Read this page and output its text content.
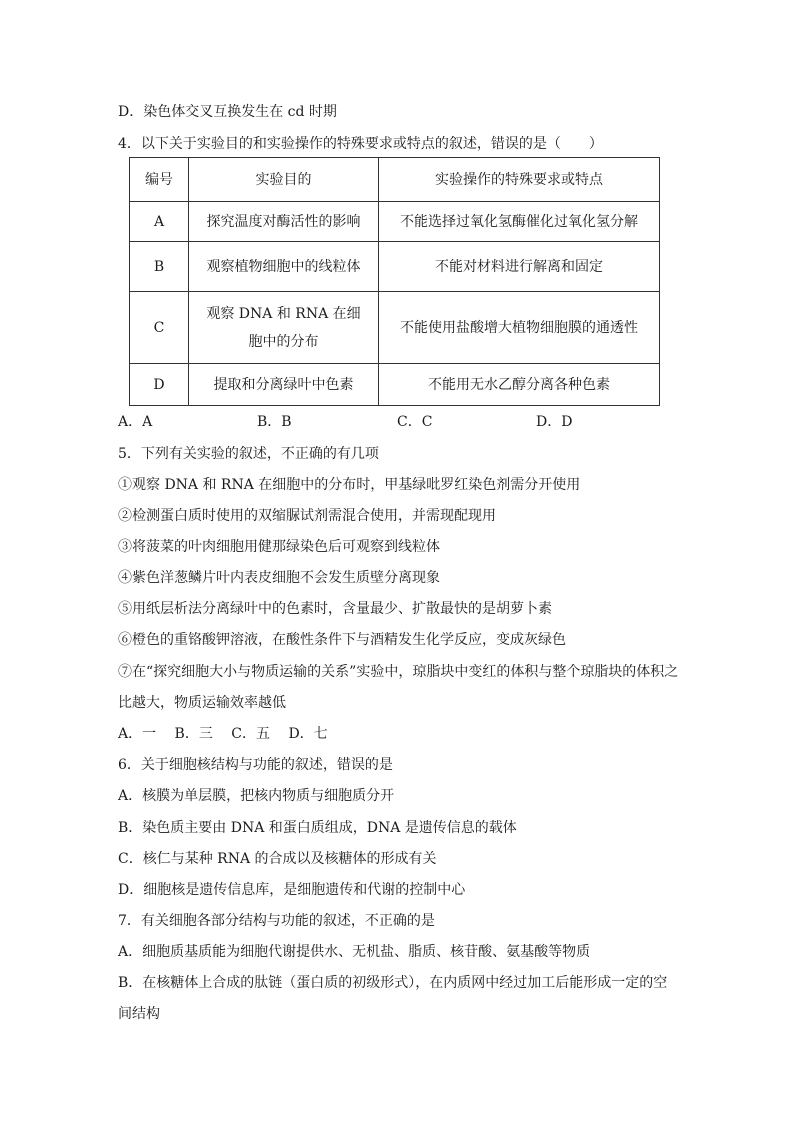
D．染色体交叉互换发生在 cd 时期
4．以下关于实验目的和实验操作的特殊要求或特点的叙述，错误的是（　　）
编号	实验目的	实验操作的特殊要求或特点
A	探究温度对酶活性的影响	不能选择过氧化氢酶催化过氧化氢分解
B	观察植物细胞中的线粒体	不能对材料进行解离和固定
C	观察 DNA 和 RNA 在细胞中的分布	不能使用盐酸增大植物细胞膜的通透性
D	提取和分离绿叶中色素	不能用无水乙醇分离各种色素
A．A	B．B	C．C	D．D
5．下列有关实验的叙述，不正确的有几项
①观察 DNA 和 RNA 在细胞中的分布时，甲基绿吡罗红染色剂需分开使用
②检测蛋白质时使用的双缩脲试剂需混合使用，并需现配现用
③将菠菜的叶肉细胞用健那绿染色后可观察到线粒体
④紫色洋葱鳞片叶内表皮细胞不会发生质壁分离现象
⑤用纸层析法分离绿叶中的色素时，含量最少、扩散最快的是胡萝卜素
⑥橙色的重铬酸钾溶液，在酸性条件下与酒精发生化学反应，变成灰绿色
⑦在“探究细胞大小与物质运输的关系”实验中，琼脂块中变红的体积与整个琼脂块的体积之
比越大，物质运输效率越低
A．一　 B．三　 C．五　 D．七
6．关于细胞核结构与功能的叙述，错误的是
A．核膜为单层膜，把核内物质与细胞质分开
B．染色质主要由 DNA 和蛋白质组成，DNA 是遗传信息的载体
C．核仁与某种 RNA 的合成以及核糖体的形成有关
D．细胞核是遗传信息库，是细胞遗传和代谢的控制中心
7．有关细胞各部分结构与功能的叙述，不正确的是
A．细胞质基质能为细胞代谢提供水、无机盐、脂质、核苷酸、氨基酸等物质
B．在核糖体上合成的肽链（蛋白质的初级形式），在内质网中经过加工后能形成一定的空
间结构
